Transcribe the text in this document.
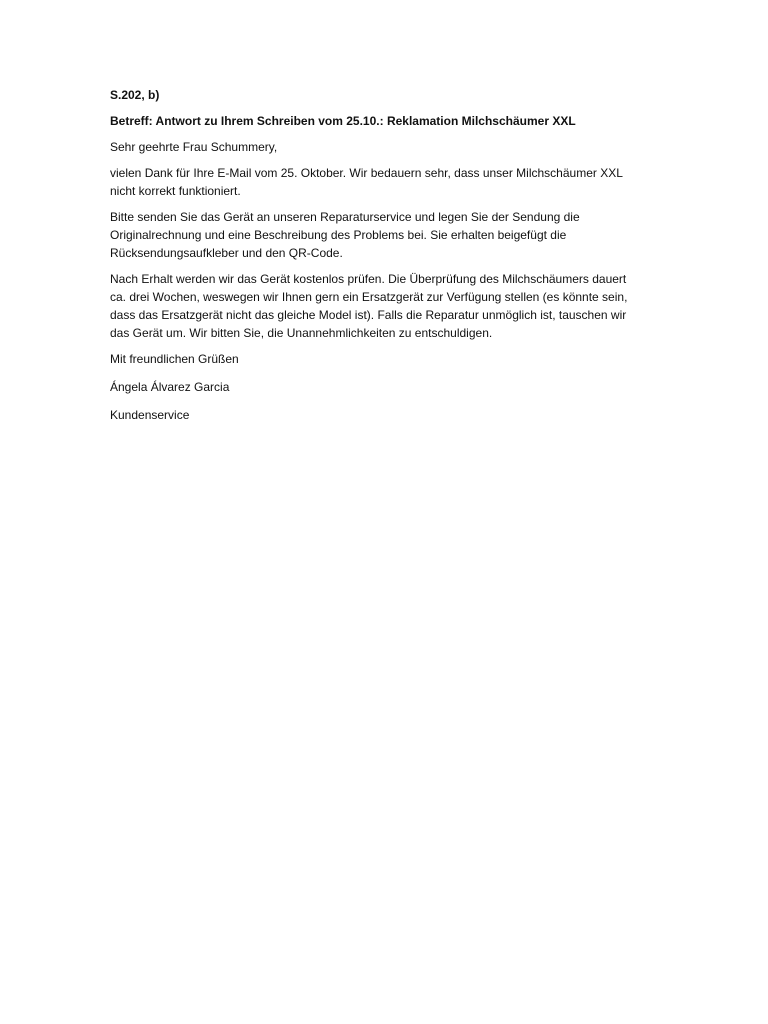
S.202, b)

Betreff: Antwort zu Ihrem Schreiben vom 25.10.: Reklamation Milchschäumer XXL

Sehr geehrte Frau Schummery,

vielen Dank für Ihre E-Mail vom 25. Oktober. Wir bedauern sehr, dass unser Milchschäumer XXL nicht korrekt funktioniert.

Bitte senden Sie das Gerät an unseren Reparaturservice und legen Sie der Sendung die Originalrechnung und eine Beschreibung des Problems bei. Sie erhalten beigefügt die Rücksendungsaufkleber und den QR-Code.

Nach Erhalt werden wir das Gerät kostenlos prüfen. Die Überprüfung des Milchschäumers dauert ca. drei Wochen, weswegen wir Ihnen gern ein Ersatzgerät zur Verfügung stellen (es könnte sein, dass das Ersatzgerät nicht das gleiche Model ist). Falls die Reparatur unmöglich ist, tauschen wir das Gerät um. Wir bitten Sie, die Unannehmlichkeiten zu entschuldigen.

Mit freundlichen Grüßen

Ángela Álvarez Garcia

Kundenservice
